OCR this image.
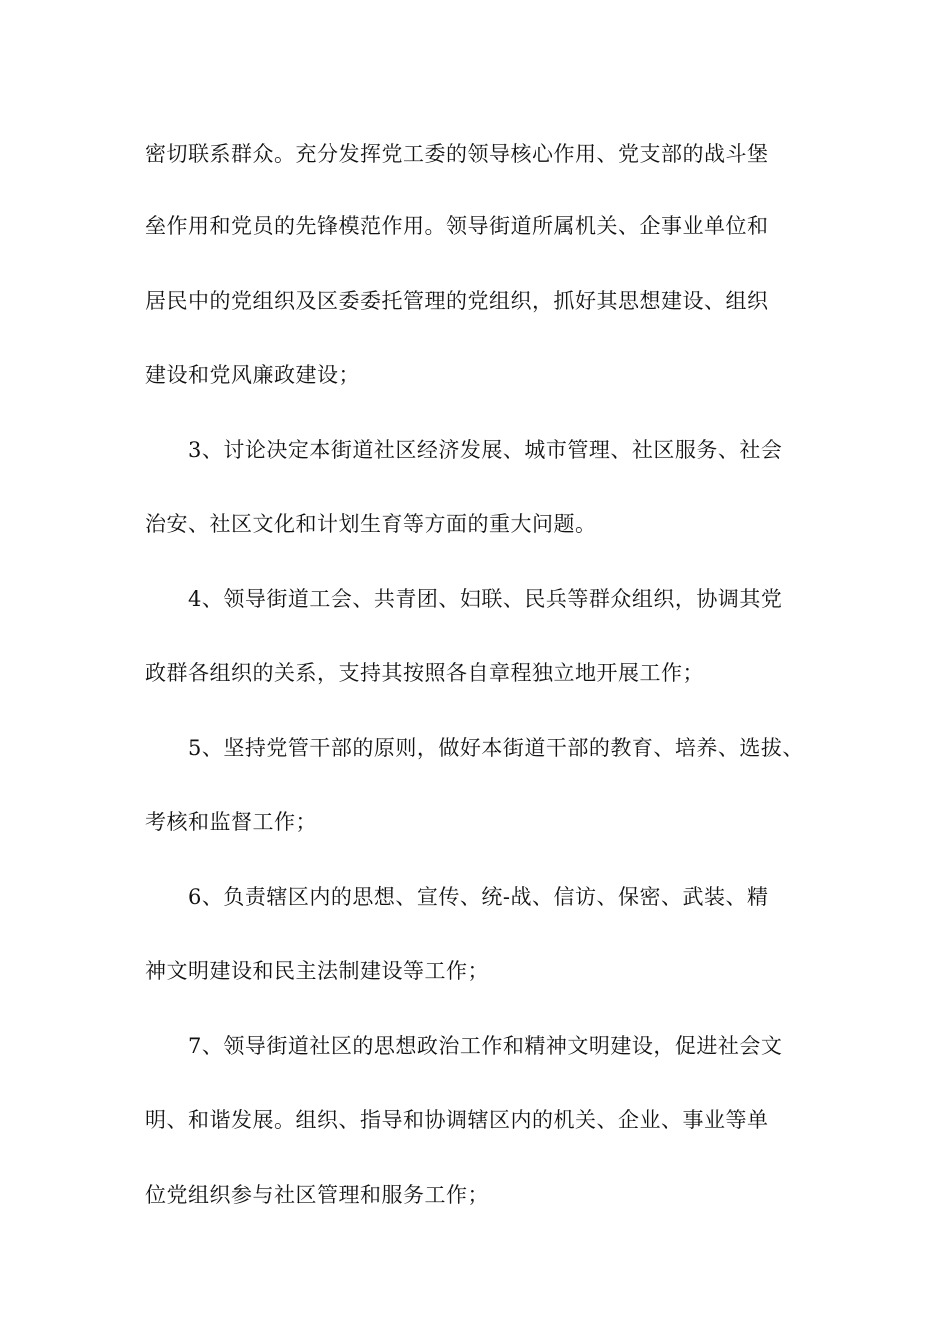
密切联系群众。充分发挥党工委的领导核心作用、党支部的战斗堡
垒作用和党员的先锋模范作用。领导街道所属机关、企事业单位和
居民中的党组织及区委委托管理的党组织，抓好其思想建设、组织
建设和党风廉政建设；
3、讨论决定本街道社区经济发展、城市管理、社区服务、社会
治安、社区文化和计划生育等方面的重大问题。
4、领导街道工会、共青团、妇联、民兵等群众组织，协调其党
政群各组织的关系，支持其按照各自章程独立地开展工作；
5、坚持党管干部的原则，做好本街道干部的教育、培养、选拔、
考核和监督工作；
6、负责辖区内的思想、宣传、统-战、信访、保密、武装、精
神文明建设和民主法制建设等工作；
7、领导街道社区的思想政治工作和精神文明建设，促进社会文
明、和谐发展。组织、指导和协调辖区内的机关、企业、事业等单
位党组织参与社区管理和服务工作；
